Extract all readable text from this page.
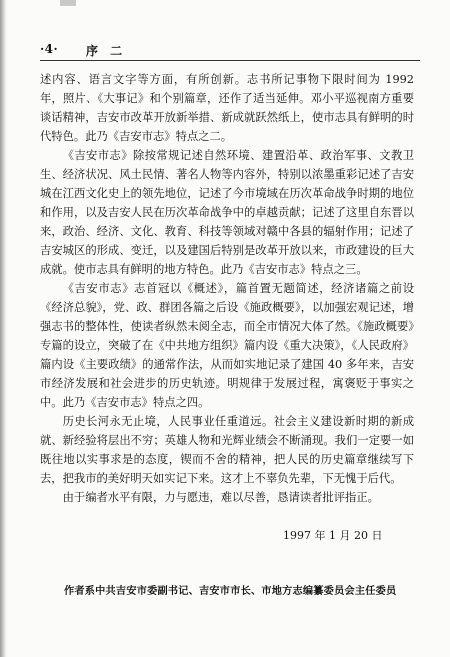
·4· 序 二

述内容、语言文字等方面，有所创新。志书所记事物下限时间为 1992 年，照片、《大事记》和个别篇章，还作了适当延伸。邓小平巡视南方重要谈话精神，吉安市改革开放新举措、新成就跃然纸上，使市志具有鲜明的时代特色。此乃《吉安市志》特点之二。

《吉安市志》除按常规记述自然环境、建置沿革、政治军事、文教卫生、经济状况、风土民情、著名人物等内容外，特别以浓墨重彩记述了吉安城在江西文化史上的领先地位，记述了今市境域在历次革命战争时期的地位和作用，以及吉安人民在历次革命战争中的卓越贡献；记述了这里自东晋以来，政治、经济、文化、教育、科技等领域对赣中各县的辐射作用；记述了吉安城区的形成、变迁，以及建国后特别是改革开放以来，市政建设的巨大成就。使市志具有鲜明的地方特色。此乃《吉安市志》特点之三。

《吉安市志》志首冠以《概述》，篇首置无题简述，经济诸篇之前设《经济总貌》，党、政、群团各篇之后设《施政概要》，以加强宏观记述，增强志书的整体性，使读者纵然未阅全志，而全市情况大体了然。《施政概要》专篇的设立，突破了在《中共地方组织》篇内设《重大决策》，《人民政府》篇内设《主要政绩》的通常作法，从而如实地记录了建国 40 多年来，吉安市经济发展和社会进步的历史轨迹。明规律于发展过程，寓褒贬于事实之中。此乃《吉安市志》特点之四。

历史长河永无止境，人民事业任重道远。社会主义建设新时期的新成就、新经验将层出不穷；英雄人物和光辉业绩会不断涌现。我们一定要一如既往地以实事求是的态度，锲而不舍的精神，把人民的历史篇章继续写下去，把我市的美好明天如实记下来。这才上不辜负先辈，下无愧于后代。

由于编者水平有限，力与愿违，难以尽善，恳请读者批评指正。

1997 年 1 月 20 日
作者系中共吉安市委副书记、吉安市市长、市地方志编纂委员会主任委员
